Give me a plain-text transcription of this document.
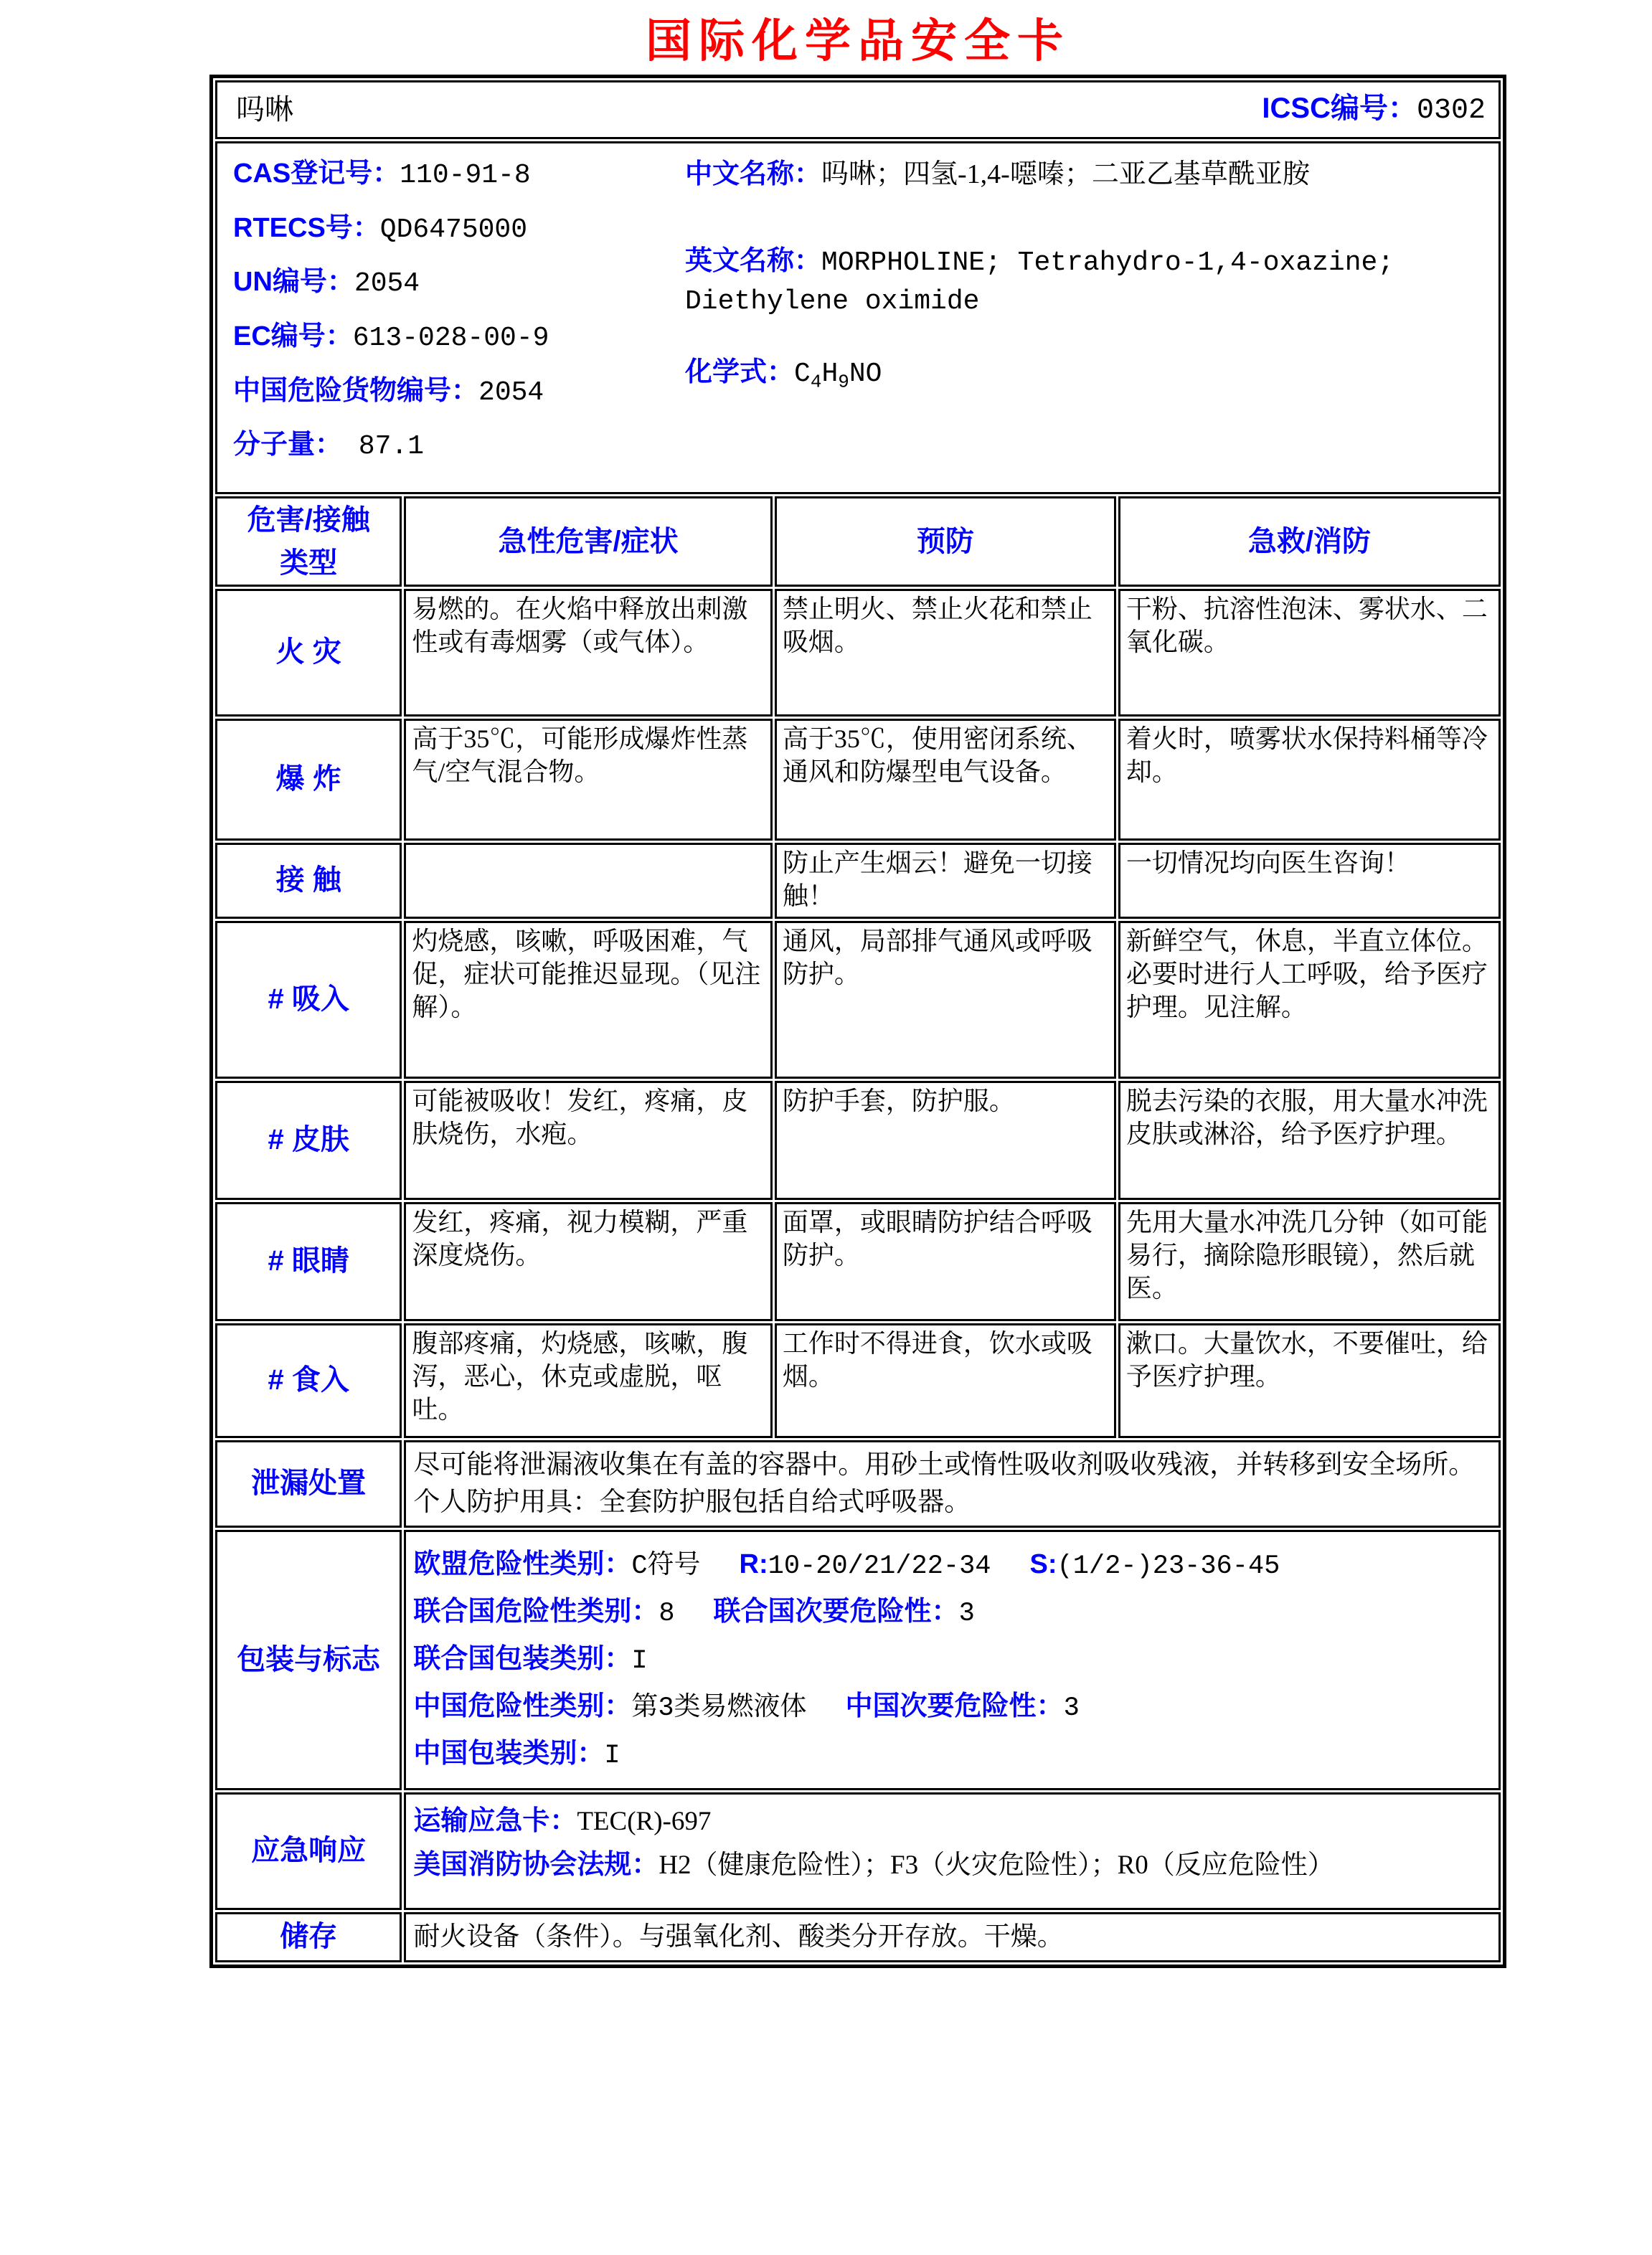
国际化学品安全卡
吗啉 ICSC编号：0302			

CAS登记号：110-91-8
RTECS号：QD6475000
UN编号：2054
EC编号：613-028-00-9
中国危险货物编号：2054
分子量： 87.1
中文名称：吗啉；四氢-1,4-噁嗪；二亚乙基草酰亚胺
英文名称：MORPHOLINE; Tetrahydro-1,4-oxazine; Diethylene oximide
化学式：$C_4H_9NO$

危害/接触
类型	急性危害/症状	预防	急救/消防
火 灾	易燃的。在火焰中释放出刺激性或有毒烟雾（或气体）。	禁止明火、禁止火花和禁止吸烟。	干粉、抗溶性泡沫、雾状水、二氧化碳。
爆 炸	高于35℃，可能形成爆炸性蒸气/空气混合物。	高于35℃，使用密闭系统、通风和防爆型电气设备。	着火时，喷雾状水保持料桶等冷却。
接 触		防止产生烟云！避免一切接触！	一切情况均向医生咨询！
# 吸入	灼烧感，咳嗽，呼吸困难，气促，症状可能推迟显现。（见注解）。	通风，局部排气通风或呼吸防护。	新鲜空气，休息，半直立体位。必要时进行人工呼吸，给予医疗护理。见注解。
# 皮肤	可能被吸收！发红，疼痛，皮肤烧伤，水疱。	防护手套，防护服。	脱去污染的衣服，用大量水冲洗皮肤或淋浴，给予医疗护理。
# 眼睛	发红，疼痛，视力模糊，严重深度烧伤。	面罩，或眼睛防护结合呼吸防护。	先用大量水冲洗几分钟（如可能易行，摘除隐形眼镜），然后就医。
# 食入	腹部疼痛，灼烧感，咳嗽，腹泻，恶心，休克或虚脱，呕吐。	工作时不得进食，饮水或吸烟。	漱口。大量饮水，不要催吐，给予医疗护理。
泄漏处置	尽可能将泄漏液收集在有盖的容器中。用砂土或惰性吸收剂吸收残液，并转移到安全场所。个人防护用具：全套防护服包括自给式呼吸器。		

包装与标志	欧盟危险性类别：C符号 R:10-20/21/22-34 S:(1/2-)23-36-45
联合国危险性类别：8 联合国次要危险性：3
联合国包装类别：I
中国危险性类别：第3类易燃液体 中国次要危险性：3
中国包装类别：I		

应急响应	运输应急卡：TEC(R)-697
美国消防协会法规：H2（健康危险性）；F3（火灾危险性）；R0（反应危险性）		

储存	耐火设备（条件）。与强氧化剂、酸类分开存放。干燥。		
